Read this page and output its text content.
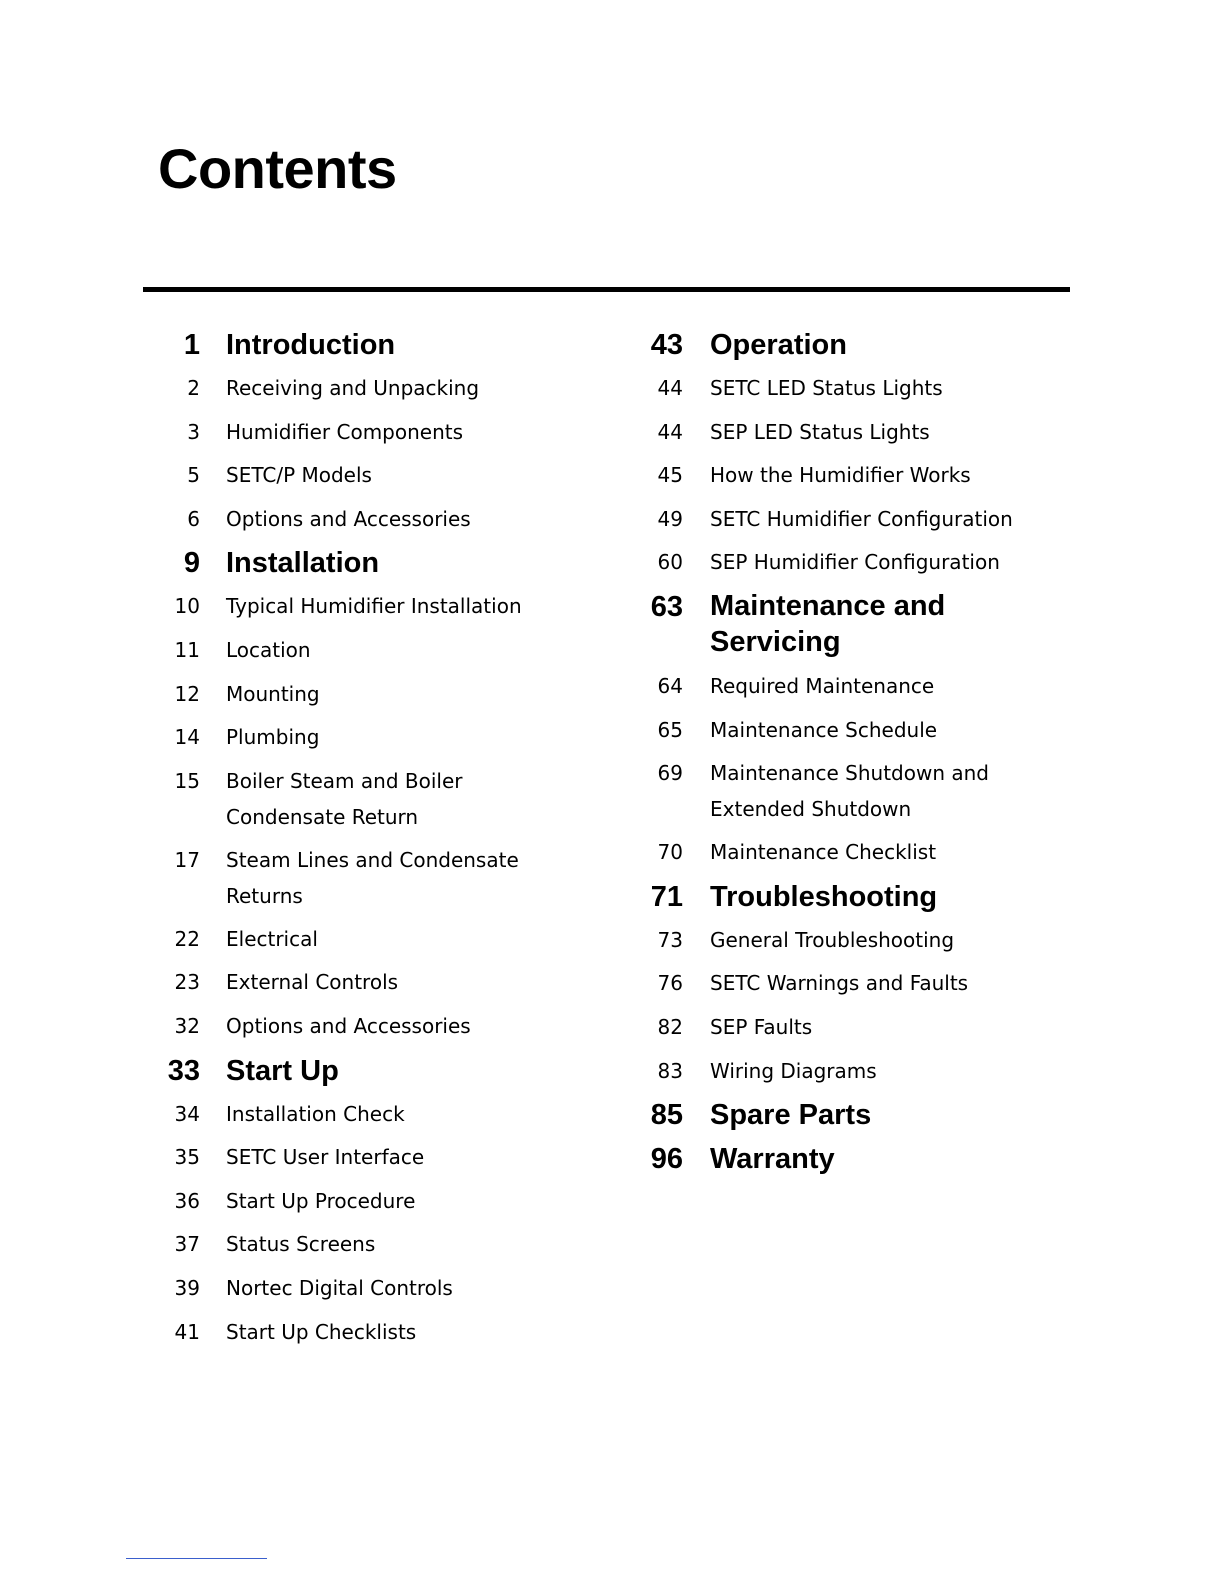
Contents
1 Introduction
2 Receiving and Unpacking
3 Humidifier Components
5 SETC/P Models
6 Options and Accessories
9 Installation
10 Typical Humidifier Installation
11 Location
12 Mounting
14 Plumbing
15 Boiler Steam and Boiler Condensate Return
17 Steam Lines and Condensate Returns
22 Electrical
23 External Controls
32 Options and Accessories
33 Start Up
34 Installation Check
35 SETC User Interface
36 Start Up Procedure
37 Status Screens
39 Nortec Digital Controls
41 Start Up Checklists
43 Operation
44 SETC LED Status Lights
44 SEP LED Status Lights
45 How the Humidifier Works
49 SETC Humidifier Configuration
60 SEP Humidifier Configuration
63 Maintenance and Servicing
64 Required Maintenance
65 Maintenance Schedule
69 Maintenance Shutdown and Extended Shutdown
70 Maintenance Checklist
71 Troubleshooting
73 General Troubleshooting
76 SETC Warnings and Faults
82 SEP Faults
83 Wiring Diagrams
85 Spare Parts
96 Warranty
